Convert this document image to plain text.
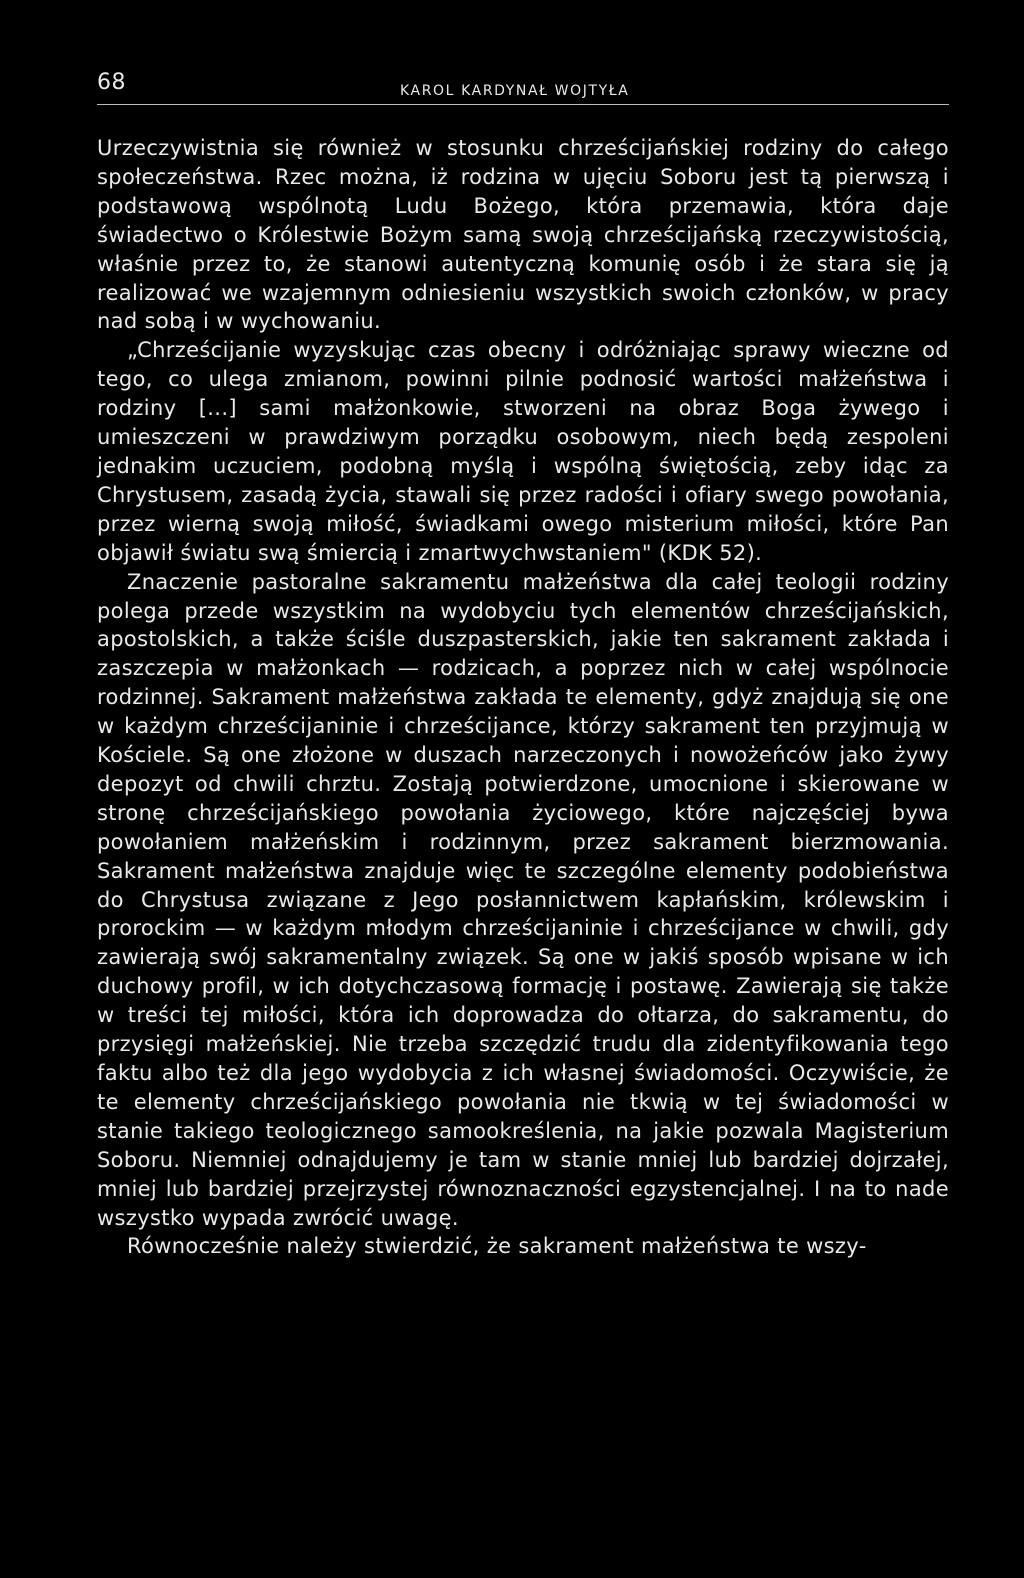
68	KAROL KARDYNAŁ WOJTYŁA

Urzeczywistnia się również w stosunku chrześcijańskiej rodziny do całego społeczeństwa. Rzec można, iż rodzina w ujęciu Soboru jest tą pierwszą i podstawową wspólnotą Ludu Bożego, która przemawia, która daje świadectwo o Królestwie Bożym samą swoją chrześcijańską rzeczywistością, właśnie przez to, że stanowi autentyczną komunię osób i że stara się ją realizować we wzajemnym odniesieniu wszystkich swoich członków, w pracy nad sobą i w wychowaniu.

„Chrześcijanie wyzyskując czas obecny i odróżniając sprawy wieczne od tego, co ulega zmianom, powinni pilnie podnosić wartości małżeństwa i rodziny [...] sami małżonkowie, stworzeni na obraz Boga żywego i umieszczeni w prawdziwym porządku osobowym, niech będą zespoleni jednakim uczuciem, podobną myślą i wspólną świętością, zeby idąc za Chrystusem, zasadą życia, stawali się przez radości i ofiary swego powołania, przez wierną swoją miłość, świadkami owego misterium miłości, które Pan objawił światu swą śmiercią i zmartwychwstaniem" (KDK 52).

Znaczenie pastoralne sakramentu małżeństwa dla całej teologii rodziny polega przede wszystkim na wydobyciu tych elementów chrześcijańskich, apostolskich, a także ściśle duszpasterskich, jakie ten sakrament zakłada i zaszczepia w małżonkach — rodzicach, a poprzez nich w całej wspólnocie rodzinnej. Sakrament małżeństwa zakłada te elementy, gdyż znajdują się one w każdym chrześcijaninie i chrześcijance, którzy sakrament ten przyjmują w Kościele. Są one złożone w duszach narzeczonych i nowożeńców jako żywy depozyt od chwili chrztu. Zostają potwierdzone, umocnione i skierowane w stronę chrześcijańskiego powołania życiowego, które najczęściej bywa powołaniem małżeńskim i rodzinnym, przez sakrament bierzmowania. Sakrament małżeństwa znajduje więc te szczególne elementy podobieństwa do Chrystusa związane z Jego posłannictwem kapłańskim, królewskim i prorockim — w każdym młodym chrześcijaninie i chrześcijance w chwili, gdy zawierają swój sakramentalny związek. Są one w jakiś sposób wpisane w ich duchowy profil, w ich dotychczasową formację i postawę. Zawierają się także w treści tej miłości, która ich doprowadza do ołtarza, do sakramentu, do przysięgi małżeńskiej. Nie trzeba szczędzić trudu dla zidentyfikowania tego faktu albo też dla jego wydobycia z ich własnej świadomości. Oczywiście, że te elementy chrześcijańskiego powołania nie tkwią w tej świadomości w stanie takiego teologicznego samookreślenia, na jakie pozwala Magisterium Soboru. Niemniej odnajdujemy je tam w stanie mniej lub bardziej dojrzałej, mniej lub bardziej przejrzystej równoznaczności egzystencjalnej. I na to nade wszystko wypada zwrócić uwagę.

Równocześnie należy stwierdzić, że sakrament małżeństwa te wszy-
